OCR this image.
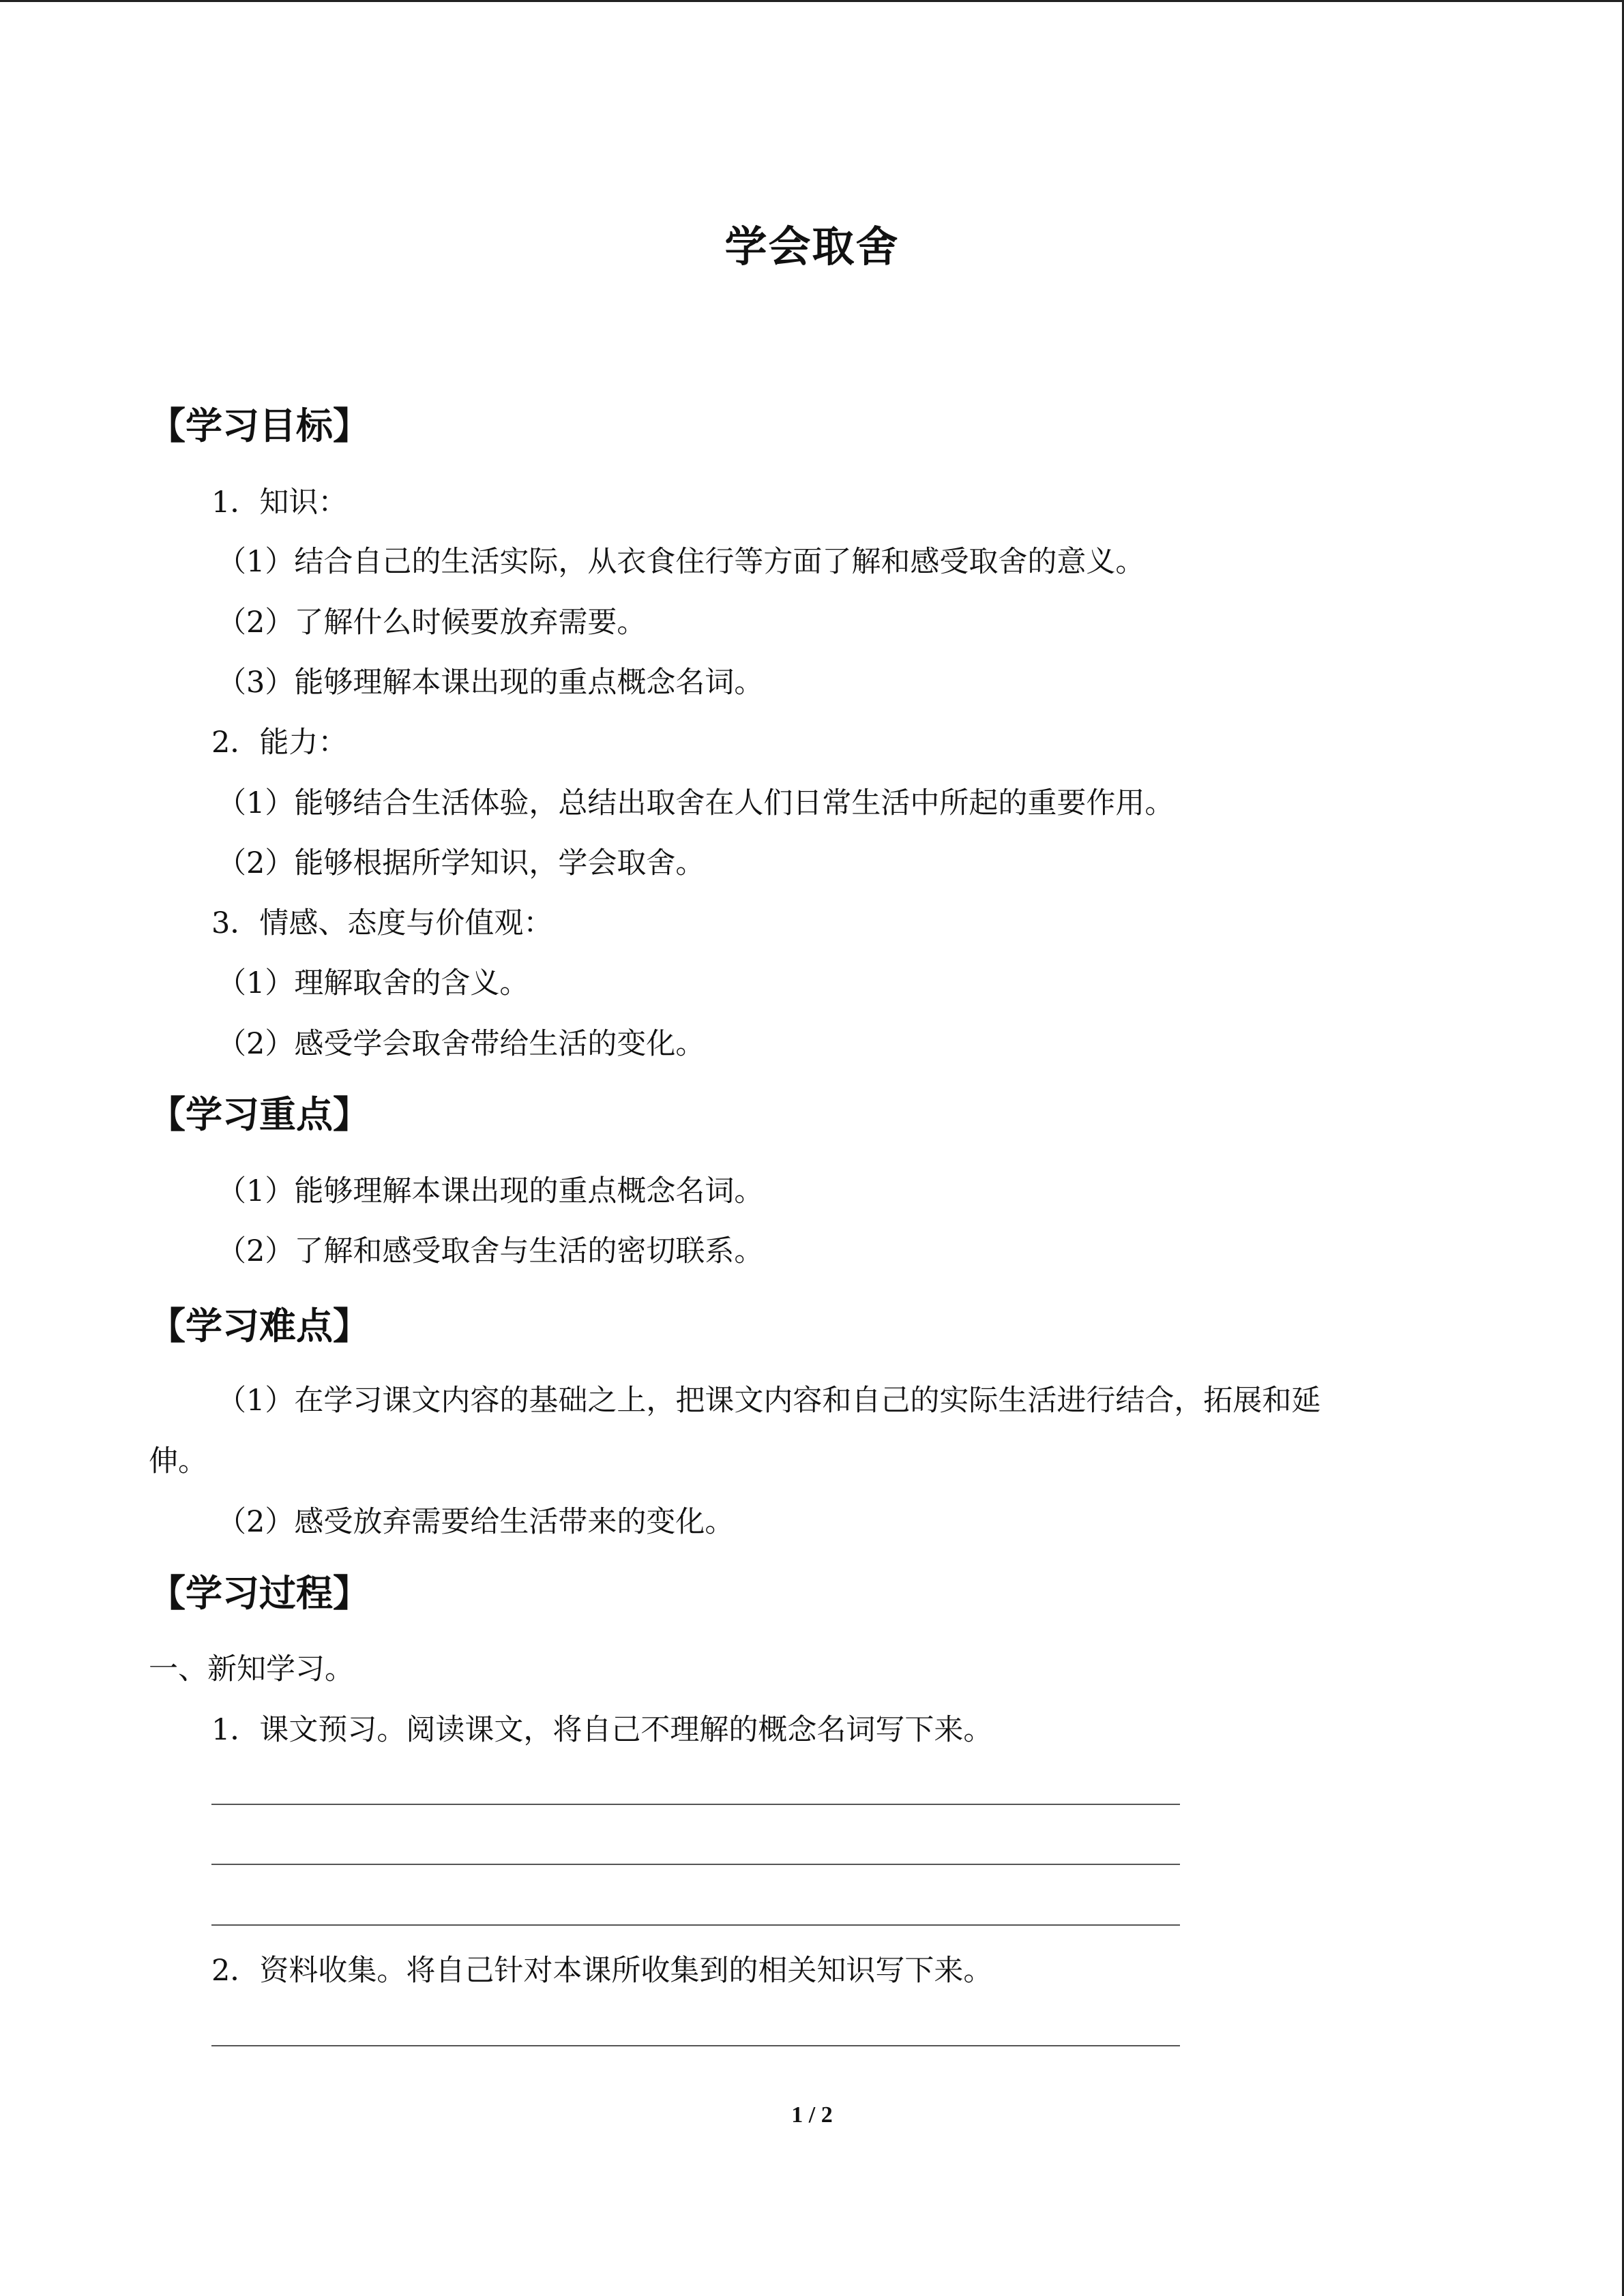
学会取舍
【学习目标】
1．知识：
（1）结合自己的生活实际，从衣食住行等方面了解和感受取舍的意义。
（2）了解什么时候要放弃需要。
（3）能够理解本课出现的重点概念名词。
2．能力：
（1）能够结合生活体验，总结出取舍在人们日常生活中所起的重要作用。
（2）能够根据所学知识，学会取舍。
3．情感、态度与价值观：
（1）理解取舍的含义。
（2）感受学会取舍带给生活的变化。
【学习重点】
（1）能够理解本课出现的重点概念名词。
（2）了解和感受取舍与生活的密切联系。
【学习难点】
（1）在学习课文内容的基础之上，把课文内容和自己的实际生活进行结合，拓展和延
伸。
（2）感受放弃需要给生活带来的变化。
【学习过程】
一、新知学习。
1．课文预习。阅读课文，将自己不理解的概念名词写下来。
2．资料收集。将自己针对本课所收集到的相关知识写下来。
1 / 2
